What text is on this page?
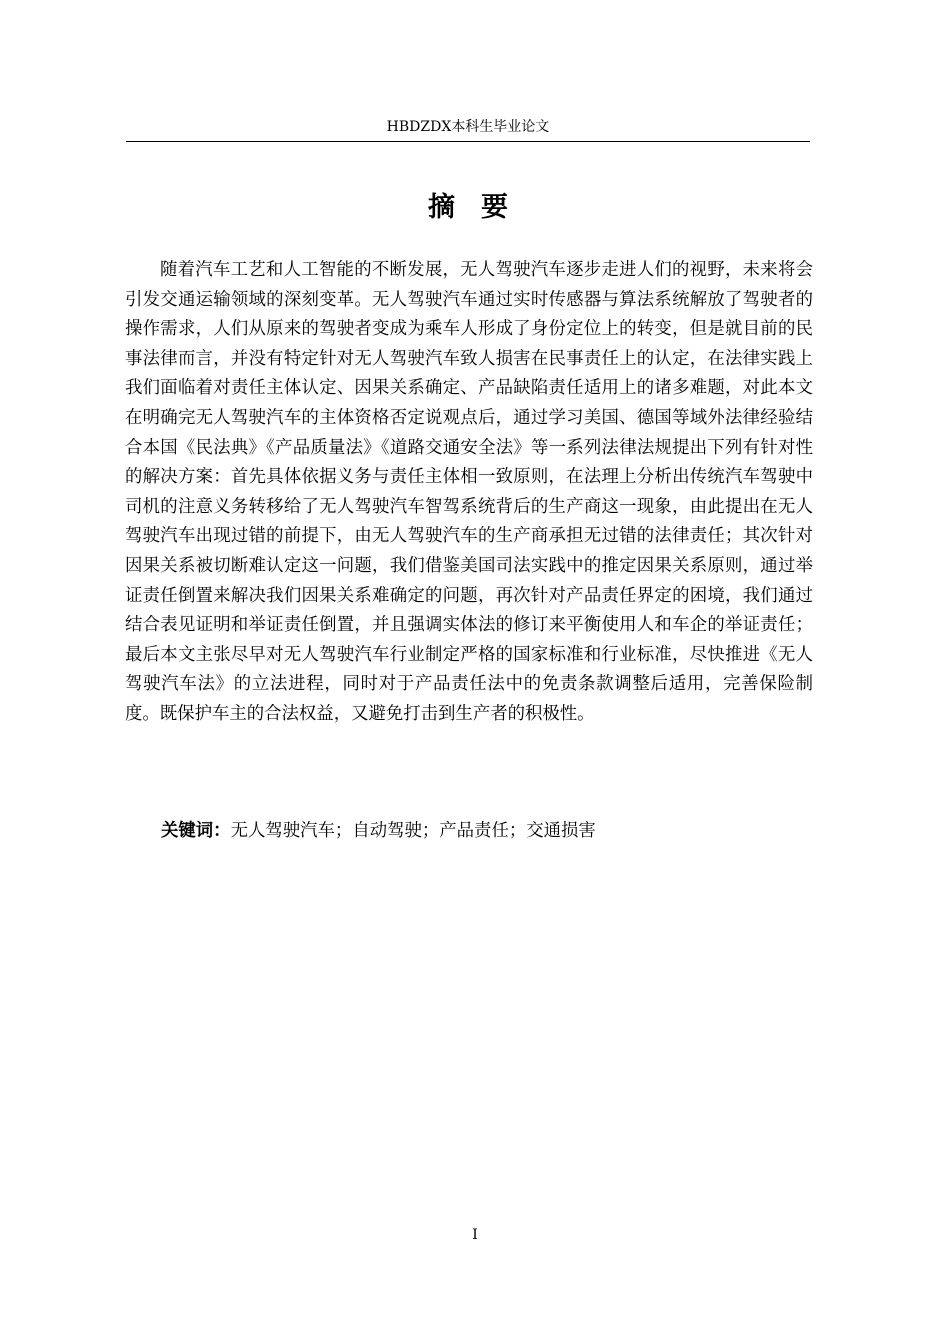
HBDZDX本科生毕业论文
摘要

随着汽车工艺和人工智能的不断发展，无人驾驶汽车逐步走进人们的视野，未来将会引发交通运输领域的深刻变革。无人驾驶汽车通过实时传感器与算法系统解放了驾驶者的操作需求，人们从原来的驾驶者变成为乘车人形成了身份定位上的转变，但是就目前的民事法律而言，并没有特定针对无人驾驶汽车致人损害在民事责任上的认定，在法律实践上我们面临着对责任主体认定、因果关系确定、产品缺陷责任适用上的诸多难题，对此本文在明确完无人驾驶汽车的主体资格否定说观点后，通过学习美国、德国等域外法律经验结合本国《民法典》《产品质量法》《道路交通安全法》等一系列法律法规提出下列有针对性的解决方案：首先具体依据义务与责任主体相一致原则，在法理上分析出传统汽车驾驶中司机的注意义务转移给了无人驾驶汽车智驾系统背后的生产商这一现象，由此提出在无人驾驶汽车出现过错的前提下，由无人驾驶汽车的生产商承担无过错的法律责任；其次针对因果关系被切断难认定这一问题，我们借鉴美国司法实践中的推定因果关系原则，通过举证责任倒置来解决我们因果关系难确定的问题，再次针对产品责任界定的困境，我们通过结合表见证明和举证责任倒置，并且强调实体法的修订来平衡使用人和车企的举证责任；最后本文主张尽早对无人驾驶汽车行业制定严格的国家标准和行业标准，尽快推进《无人驾驶汽车法》的立法进程，同时对于产品责任法中的免责条款调整后适用，完善保险制度。既保护车主的合法权益，又避免打击到生产者的积极性。

关键词：无人驾驶汽车；自动驾驶；产品责任；交通损害

I
